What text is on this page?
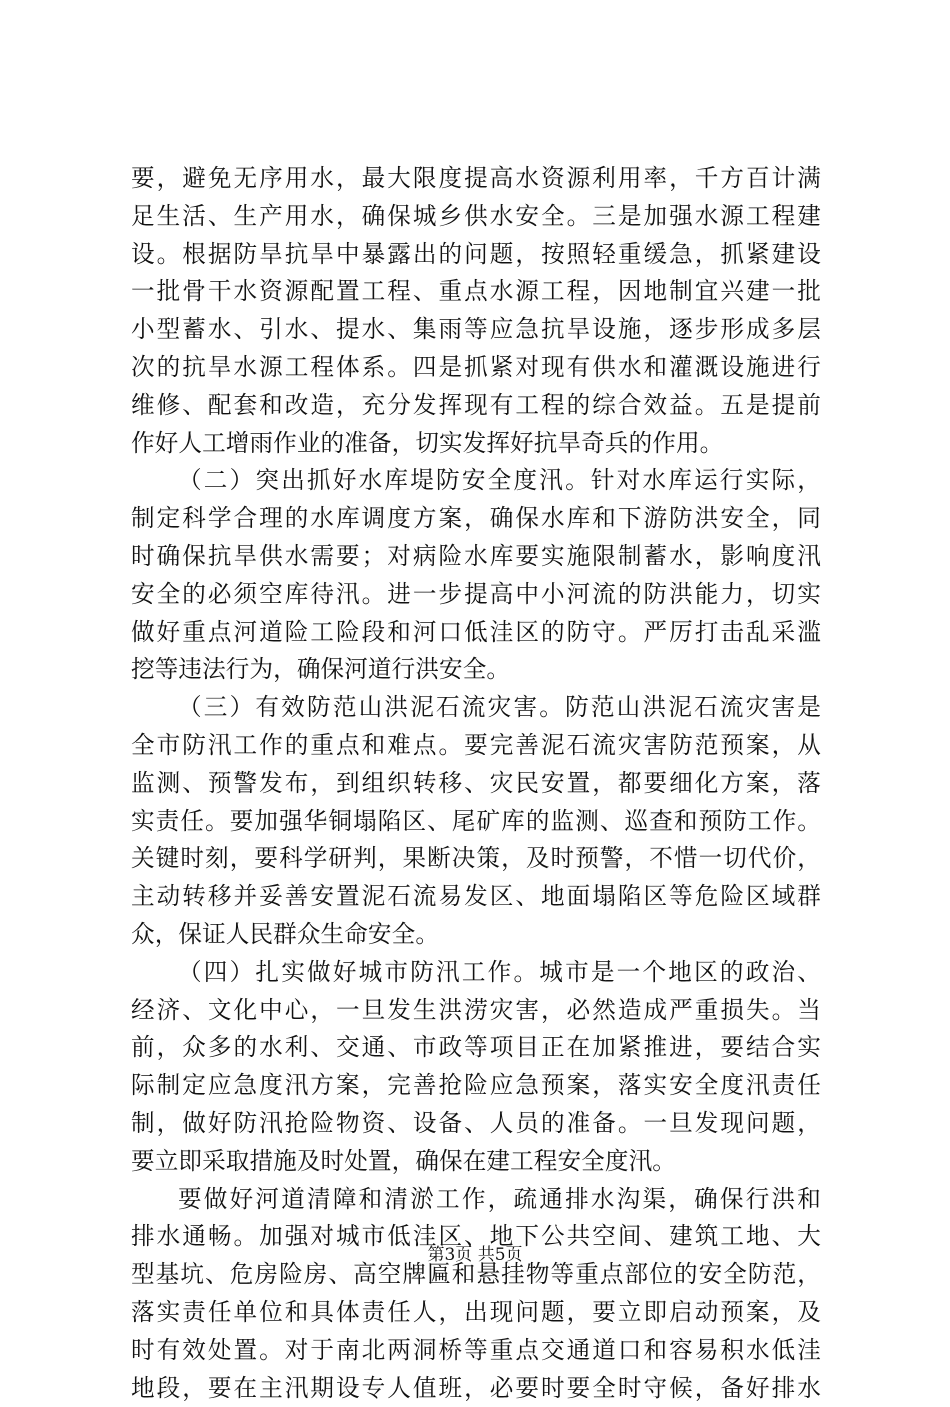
要，避免无序用水，最大限度提高水资源利用率，千方百计满
足生活、生产用水，确保城乡供水安全。三是加强水源工程建
设。根据防旱抗旱中暴露出的问题，按照轻重缓急，抓紧建设
一批骨干水资源配置工程、重点水源工程，因地制宜兴建一批
小型蓄水、引水、提水、集雨等应急抗旱设施，逐步形成多层
次的抗旱水源工程体系。四是抓紧对现有供水和灌溉设施进行
维修、配套和改造，充分发挥现有工程的综合效益。五是提前
作好人工增雨作业的准备，切实发挥好抗旱奇兵的作用。
（二）突出抓好水库堤防安全度汛。针对水库运行实际，
制定科学合理的水库调度方案，确保水库和下游防洪安全，同
时确保抗旱供水需要；对病险水库要实施限制蓄水，影响度汛
安全的必须空库待汛。进一步提高中小河流的防洪能力，切实
做好重点河道险工险段和河口低洼区的防守。严厉打击乱采滥
挖等违法行为，确保河道行洪安全。
（三）有效防范山洪泥石流灾害。防范山洪泥石流灾害是
全市防汛工作的重点和难点。要完善泥石流灾害防范预案，从
监测、预警发布，到组织转移、灾民安置，都要细化方案，落
实责任。要加强华铜塌陷区、尾矿库的监测、巡查和预防工作。
关键时刻，要科学研判，果断决策，及时预警，不惜一切代价，
主动转移并妥善安置泥石流易发区、地面塌陷区等危险区域群
众，保证人民群众生命安全。
（四）扎实做好城市防汛工作。城市是一个地区的政治、
经济、文化中心，一旦发生洪涝灾害，必然造成严重损失。当
前，众多的水利、交通、市政等项目正在加紧推进，要结合实
际制定应急度汛方案，完善抢险应急预案，落实安全度汛责任
制，做好防汛抢险物资、设备、人员的准备。一旦发现问题，
要立即采取措施及时处置，确保在建工程安全度汛。
要做好河道清障和清淤工作，疏通排水沟渠，确保行洪和
排水通畅。加强对城市低洼区、地下公共空间、建筑工地、大
型基坑、危房险房、高空牌匾和悬挂物等重点部位的安全防范，
落实责任单位和具体责任人，出现问题，要立即启动预案，及
时有效处置。对于南北两洞桥等重点交通道口和容易积水低洼
地段，要在主汛期设专人值班，必要时要全时守候，备好排水
第3页 共5页
